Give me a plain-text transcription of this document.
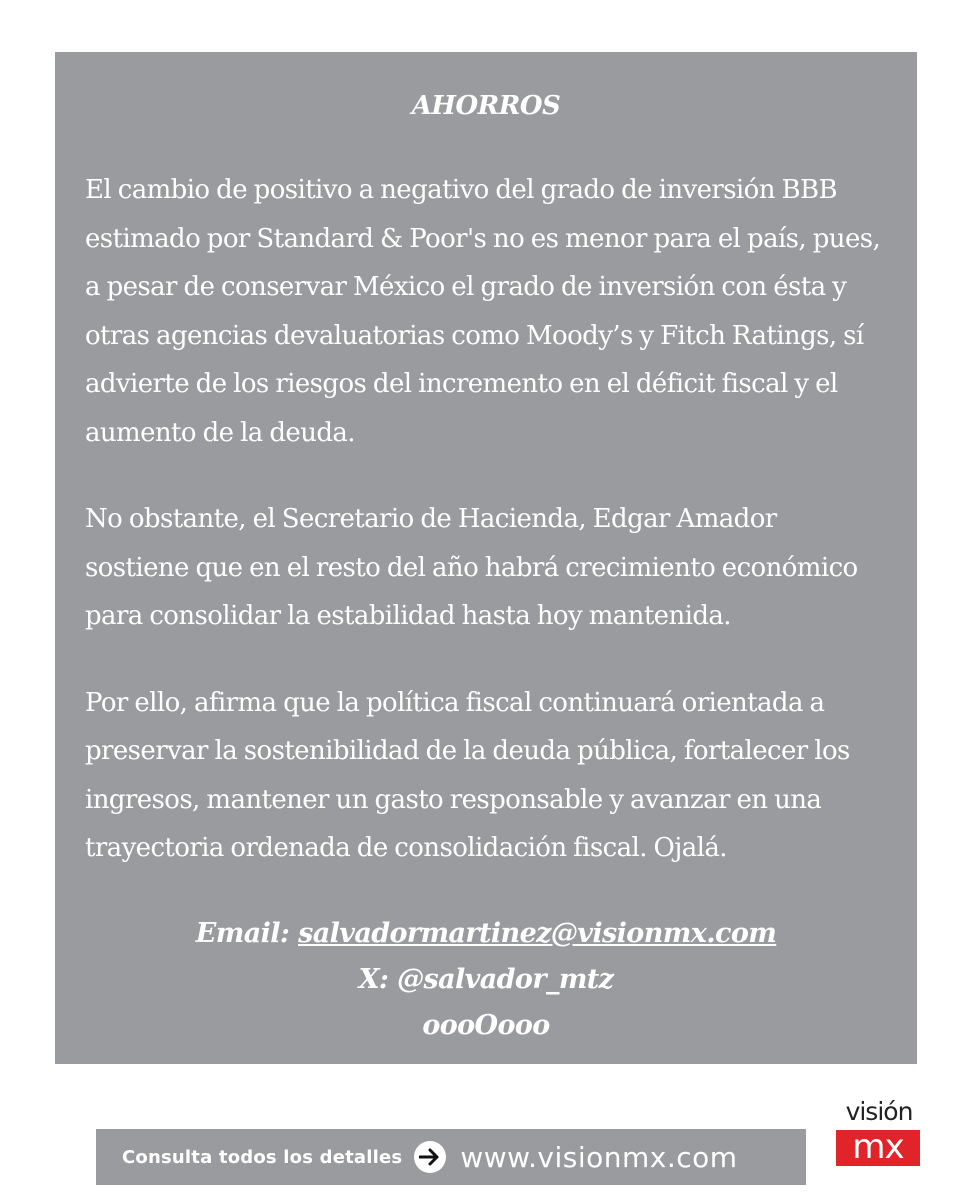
AHORROS

El cambio de positivo a negativo del grado de inversión BBB estimado por Standard & Poor's no es menor para el país, pues, a pesar de conservar México el grado de inversión con ésta y otras agencias devaluatorias como Moody’s y Fitch Ratings, sí advierte de los riesgos del incremento en el déficit fiscal y el aumento de la deuda.

No obstante, el Secretario de Hacienda, Edgar Amador sostiene que en el resto del año habrá crecimiento económico para consolidar la estabilidad hasta hoy mantenida.

Por ello, afirma que la política fiscal continuará orientada a preservar la sostenibilidad de la deuda pública, fortalecer los ingresos, mantener un gasto responsable y avanzar en una trayectoria ordenada de consolidación fiscal. Ojalá.

Email: salvadormartinez@visionmx.com
X: @salvador_mtz
oooOooo
Consulta todos los detalles www.visionmx.com
visión
mx
